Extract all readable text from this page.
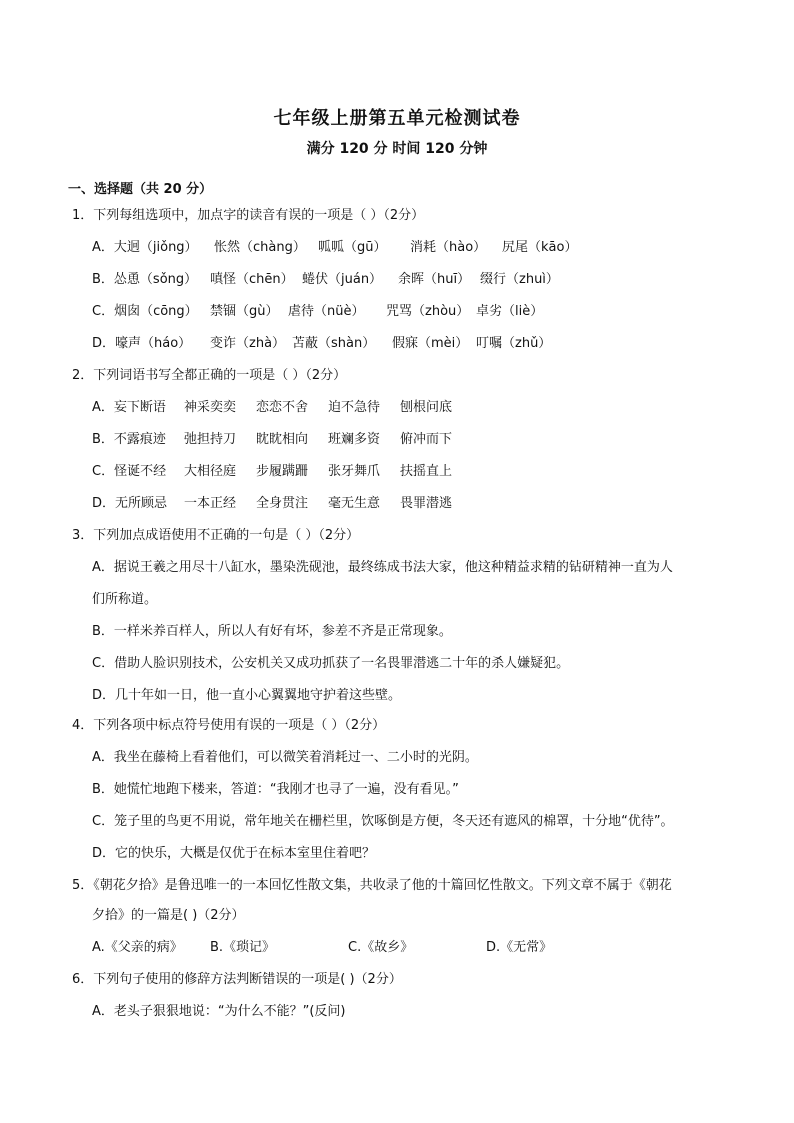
七年级上册第五单元检测试卷
满分 120 分 时间 120 分钟
一、选择题（共 20 分）
1．下列每组选项中，加点字的读音有误的一项是（ ）（2分）
A．大迥（jiǒng） 怅然（chàng） 呱呱（gū） 消耗（hào） 尻尾（kāo）
B．怂恿（sǒng） 嗔怪（chēn） 蜷伏（juán） 余晖（huī） 缀行（zhuì）
C．烟囱（cōng） 禁锢（gù） 虐待（nüè） 咒骂（zhòu） 卓劣（liè）
D．嚎声（háo） 变诈（zhà） 苫蔽（shàn） 假寐（mèi） 叮嘱（zhǔ）
2．下列词语书写全都正确的一项是（ ）（2分）
A．妄下断语 神采奕奕 恋恋不舍 迫不急待 刨根问底
B．不露痕迹 弛担持刀 眈眈相向 班斓多资 俯冲而下
C．怪诞不经 大相径庭 步履蹒跚 张牙舞爪 扶摇直上
D．无所顾忌 一本正经 全身贯注 毫无生意 畏罪潜逃
3．下列加点成语使用不正确的一句是（ ）（2分）
A．据说王羲之用尽十八缸水，墨染洗砚池，最终练成书法大家，他这种精益求精的钻研精神一直为人
们所称道。
B．一样米养百样人，所以人有好有坏，参差不齐是正常现象。
C．借助人脸识别技术，公安机关又成功抓获了一名畏罪潜逃二十年的杀人嫌疑犯。
D．几十年如一日，他一直小心翼翼地守护着这些壁。
4．下列各项中标点符号使用有误的一项是（ ）（2分）
A．我坐在藤椅上看着他们，可以微笑着消耗过一、二小时的光阴。
B．她慌忙地跑下楼来，答道：“我刚才也寻了一遍，没有看见。”
C．笼子里的鸟更不用说，常年地关在栅栏里，饮啄倒是方便，冬天还有遮风的棉罩，十分地“优待”。
D．它的快乐，大概是仅优于在标本室里住着吧？
5．《朝花夕拾》是鲁迅唯一的一本回忆性散文集，共收录了他的十篇回忆性散文。下列文章不属于《朝花
夕拾》的一篇是( )（2分）
A.《父亲的病》 B.《琐记》	C.《故乡》	D.《无常》
6．下列句子使用的修辞方法判断错误的一项是( )（2分）
A．老头子狠狠地说：“为什么不能？”(反问)
